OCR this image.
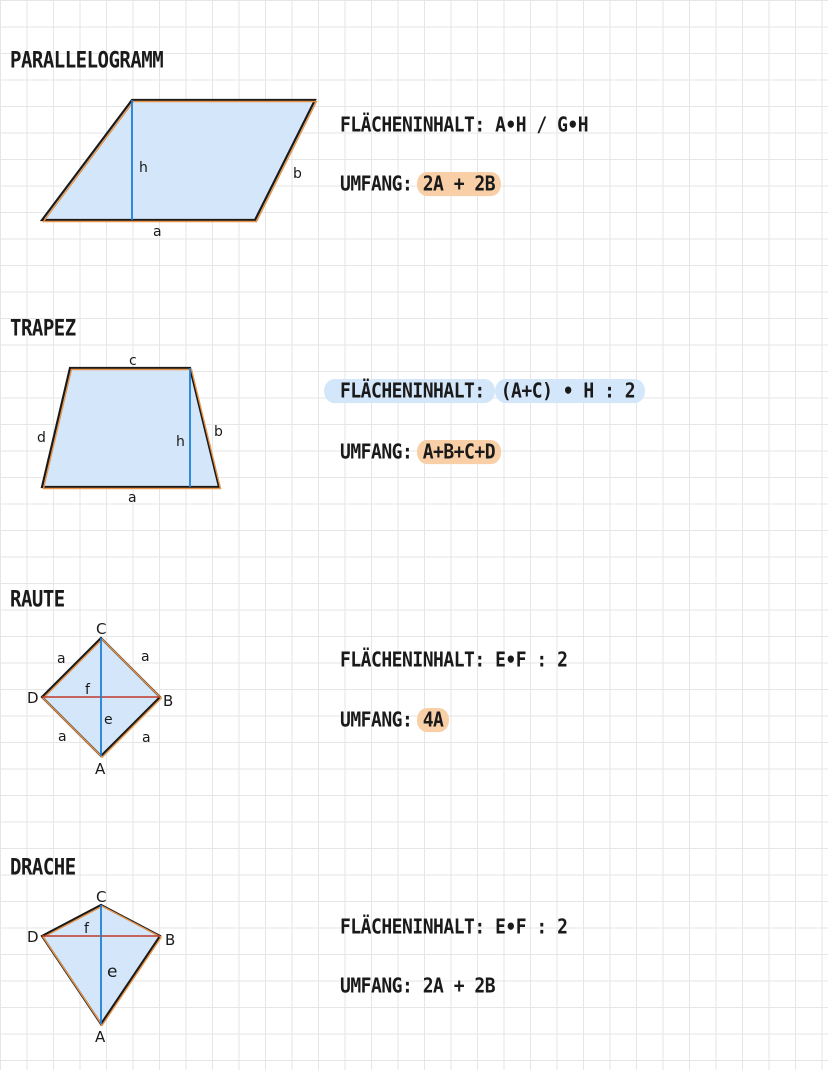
PARALLELOGRAMM
h	b
a
FLÄCHENINHALT: A•H / G•H
UMFANG: 2A + 2B
TRAPEZ
c
d	h
b
a
FLÄCHENINHALT: (A+C) • H : 2
UMFANG: A+B+C+D
RAUTE
C
B
A
D
a	a
a	a
f
e
FLÄCHENINHALT: E•F : 2
UMFANG: 4A
DRACHE
C
B
A
D	f
e
FLÄCHENINHALT: E•F : 2
UMFANG: 2A + 2B
